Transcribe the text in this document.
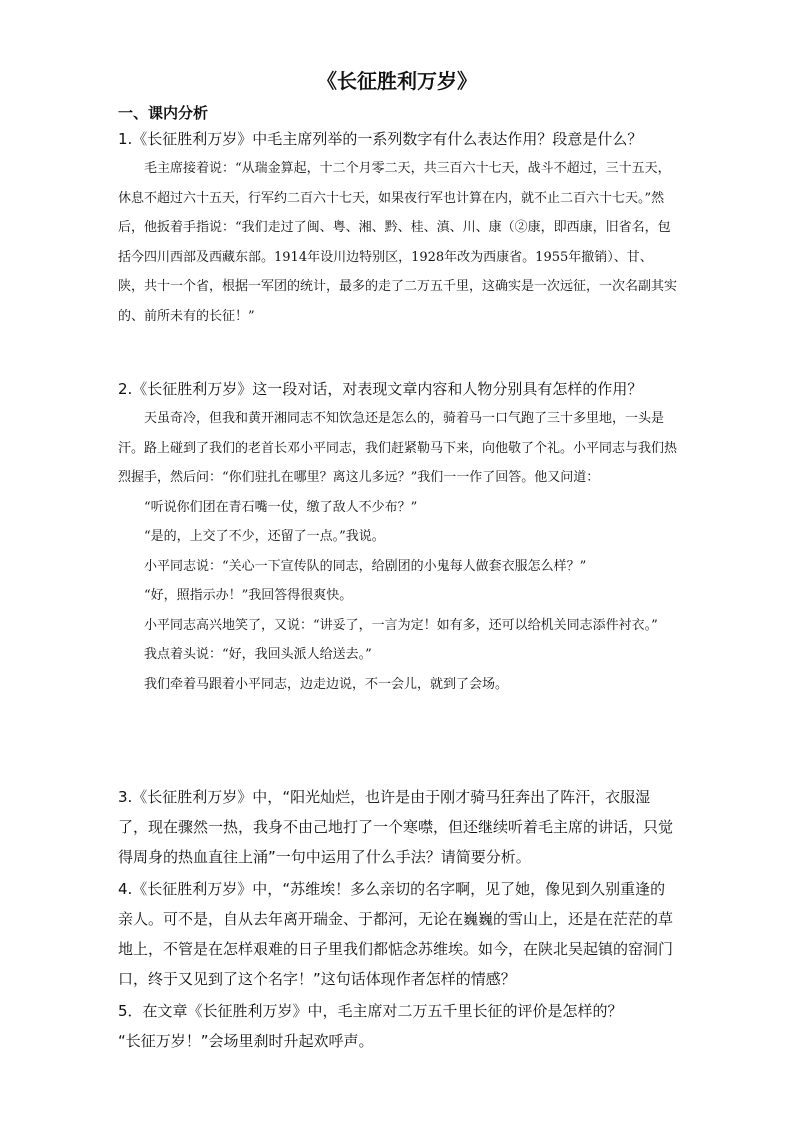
《长征胜利万岁》
一、课内分析

1.《长征胜利万岁》中毛主席列举的一系列数字有什么表达作用？段意是什么？

毛主席接着说：“从瑞金算起，十二个月零二天，共三百六十七天，战斗不超过，三十五天，休息不超过六十五天，行军约二百六十七天，如果夜行军也计算在内，就不止二百六十七天。”然后，他扳着手指说：“我们走过了闽、粤、湘、黔、桂、滇、川、康（②康，即西康，旧省名，包括今四川西部及西藏东部。1914年设川边特别区，1928年改为西康省。1955年撤销）、甘、陕，共十一个省，根据一军团的统计，最多的走了二万五千里，这确实是一次远征，一次名副其实的、前所未有的长征！”

2.《长征胜利万岁》这一段对话，对表现文章内容和人物分别具有怎样的作用？

天虽奇冷，但我和黄开湘同志不知饮急还是怎么的，骑着马一口气跑了三十多里地，一头是汗。路上碰到了我们的老首长邓小平同志，我们赶紧勒马下来，向他敬了个礼。小平同志与我们热烈握手，然后问：“你们驻扎在哪里？离这儿多远？”我们一一作了回答。他又问道：

“听说你们团在青石嘴一仗，缴了敌人不少布？”

“是的，上交了不少，还留了一点。”我说。

小平同志说：“关心一下宣传队的同志，给剧团的小鬼每人做套衣服怎么样？”

“好，照指示办！”我回答得很爽快。

小平同志高兴地笑了，又说：“讲妥了，一言为定！如有多，还可以给机关同志添件衬衣。”

我点着头说：“好，我回头派人给送去。”

我们牵着马跟着小平同志，边走边说，不一会儿，就到了会场。

3.《长征胜利万岁》中，“阳光灿烂，也许是由于刚才骑马狂奔出了阵汗，衣服湿了，现在骤然一热，我身不由己地打了一个寒噤，但还继续听着毛主席的讲话，只觉得周身的热血直往上涌”一句中运用了什么手法？请简要分析。

4.《长征胜利万岁》中，“苏维埃！多么亲切的名字啊，见了她，像见到久别重逢的亲人。可不是，自从去年离开瑞金、于都河，无论在巍巍的雪山上，还是在茫茫的草地上，不管是在怎样艰难的日子里我们都惦念苏维埃。如今，在陕北吴起镇的窑洞门口，终于又见到了这个名字！”这句话体现作者怎样的情感？

5．在文章《长征胜利万岁》中，毛主席对二万五千里长征的评价是怎样的？

“长征万岁！”会场里刹时升起欢呼声。
